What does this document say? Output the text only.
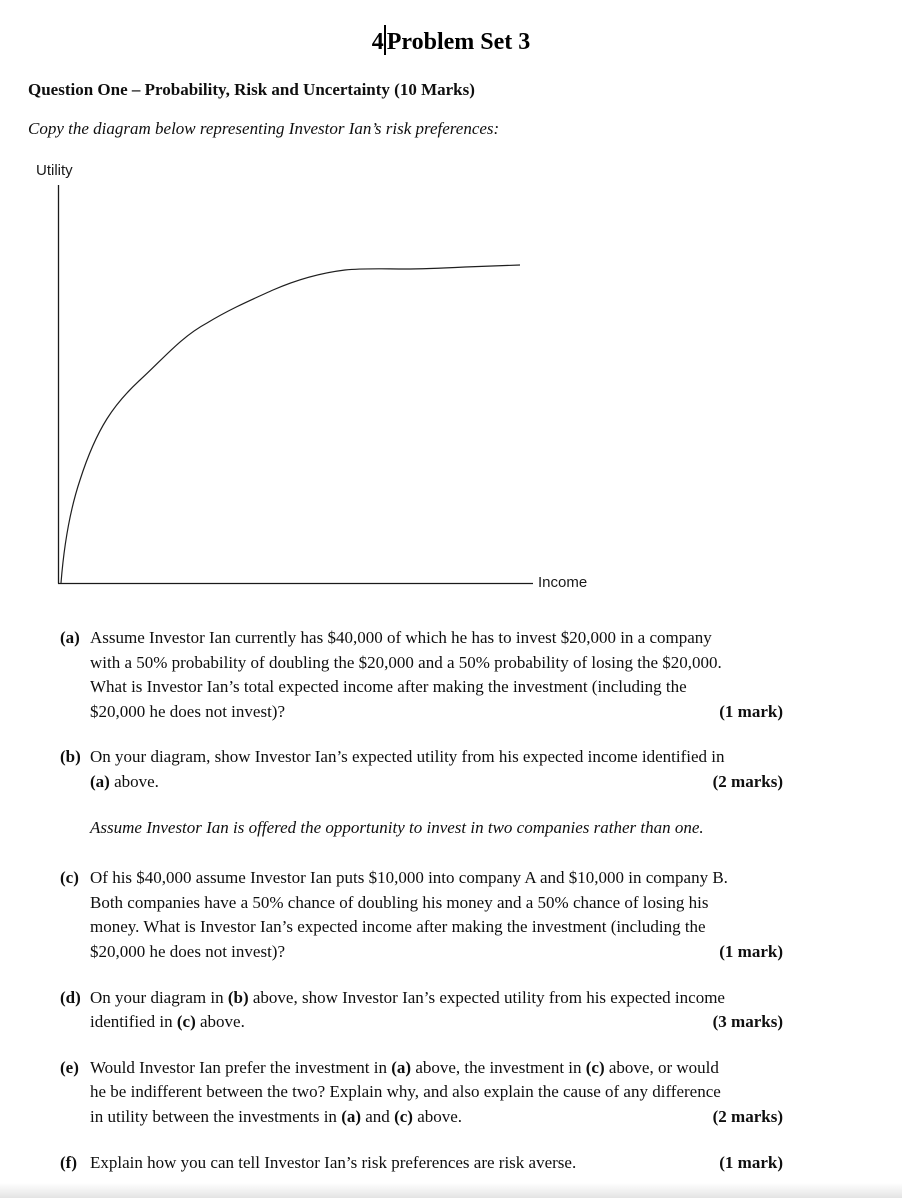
4 Problem Set 3
Question One – Probability, Risk and Uncertainty (10 Marks)
Copy the diagram below representing Investor Ian’s risk preferences:
Utility
Income
(a) Assume Investor Ian currently has $40,000 of which he has to invest $20,000 in a company
with a 50% probability of doubling the $20,000 and a 50% probability of losing the $20,000.
What is Investor Ian’s total expected income after making the investment (including the
$20,000 he does not invest)?	(1 mark)
(b) On your diagram, show Investor Ian’s expected utility from his expected income identified in
(a) above.	(2 marks)
Assume Investor Ian is offered the opportunity to invest in two companies rather than one.
(c) Of his $40,000 assume Investor Ian puts $10,000 into company A and $10,000 in company B.
Both companies have a 50% chance of doubling his money and a 50% chance of losing his
money. What is Investor Ian’s expected income after making the investment (including the
$20,000 he does not invest)?	(1 mark)
(d) On your diagram in (b) above, show Investor Ian’s expected utility from his expected income
identified in (c) above.	(3 marks)
(e) Would Investor Ian prefer the investment in (a) above, the investment in (c) above, or would
he be indifferent between the two? Explain why, and also explain the cause of any difference
in utility between the investments in (a) and (c) above.	(2 marks)
(f) Explain how you can tell Investor Ian’s risk preferences are risk averse.	(1 mark)
